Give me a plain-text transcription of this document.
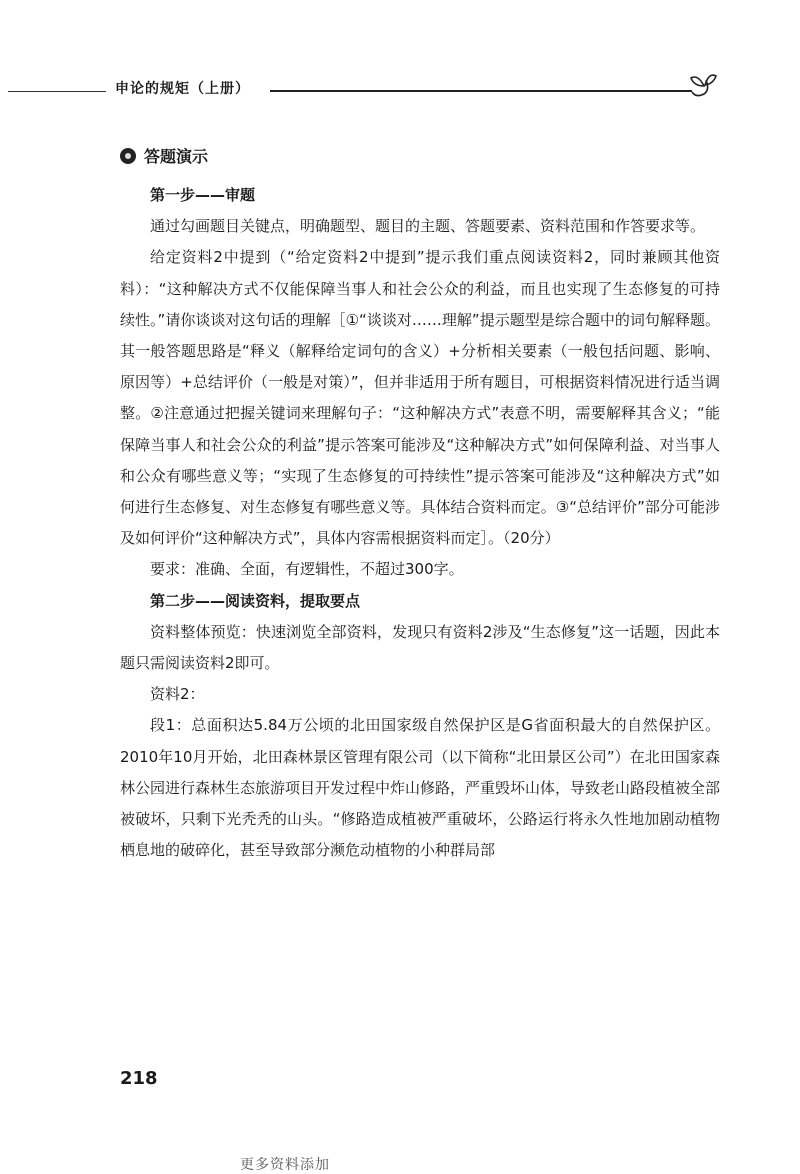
申论的规矩（上册）
答题演示

第一步——审题

通过勾画题目关键点，明确题型、题目的主题、答题要素、资料范围和作答要求等。

给定资料2中提到（“给定资料2中提到”提示我们重点阅读资料2，同时兼顾其他资料）：“这种解决方式不仅能保障当事人和社会公众的利益，而且也实现了生态修复的可持续性。”请你谈谈对这句话的理解［①“谈谈对……理解”提示题型是综合题中的词句解释题。其一般答题思路是“释义（解释给定词句的含义）+分析相关要素（一般包括问题、影响、原因等）+总结评价（一般是对策）”，但并非适用于所有题目，可根据资料情况进行适当调整。②注意通过把握关键词来理解句子：“这种解决方式”表意不明，需要解释其含义；“能保障当事人和社会公众的利益”提示答案可能涉及“这种解决方式”如何保障利益、对当事人和公众有哪些意义等；“实现了生态修复的可持续性”提示答案可能涉及“这种解决方式”如何进行生态修复、对生态修复有哪些意义等。具体结合资料而定。③“总结评价”部分可能涉及如何评价“这种解决方式”，具体内容需根据资料而定］。（20分）

要求：准确、全面，有逻辑性，不超过300字。

第二步——阅读资料，提取要点

资料整体预览：快速浏览全部资料，发现只有资料2涉及“生态修复”这一话题，因此本题只需阅读资料2即可。

资料2：

段1：总面积达5.84万公顷的北田国家级自然保护区是G省面积最大的自然保护区。2010年10月开始，北田森林景区管理有限公司（以下简称“北田景区公司”）在北田国家森林公园进行森林生态旅游项目开发过程中炸山修路，严重毁坏山体，导致老山路段植被全部被破坏，只剩下光秃秃的山头。“修路造成植被严重破坏，公路运行将永久性地加剧动植物栖息地的破碎化，甚至导致部分濒危动植物的小种群局部

218
更多资料添加
